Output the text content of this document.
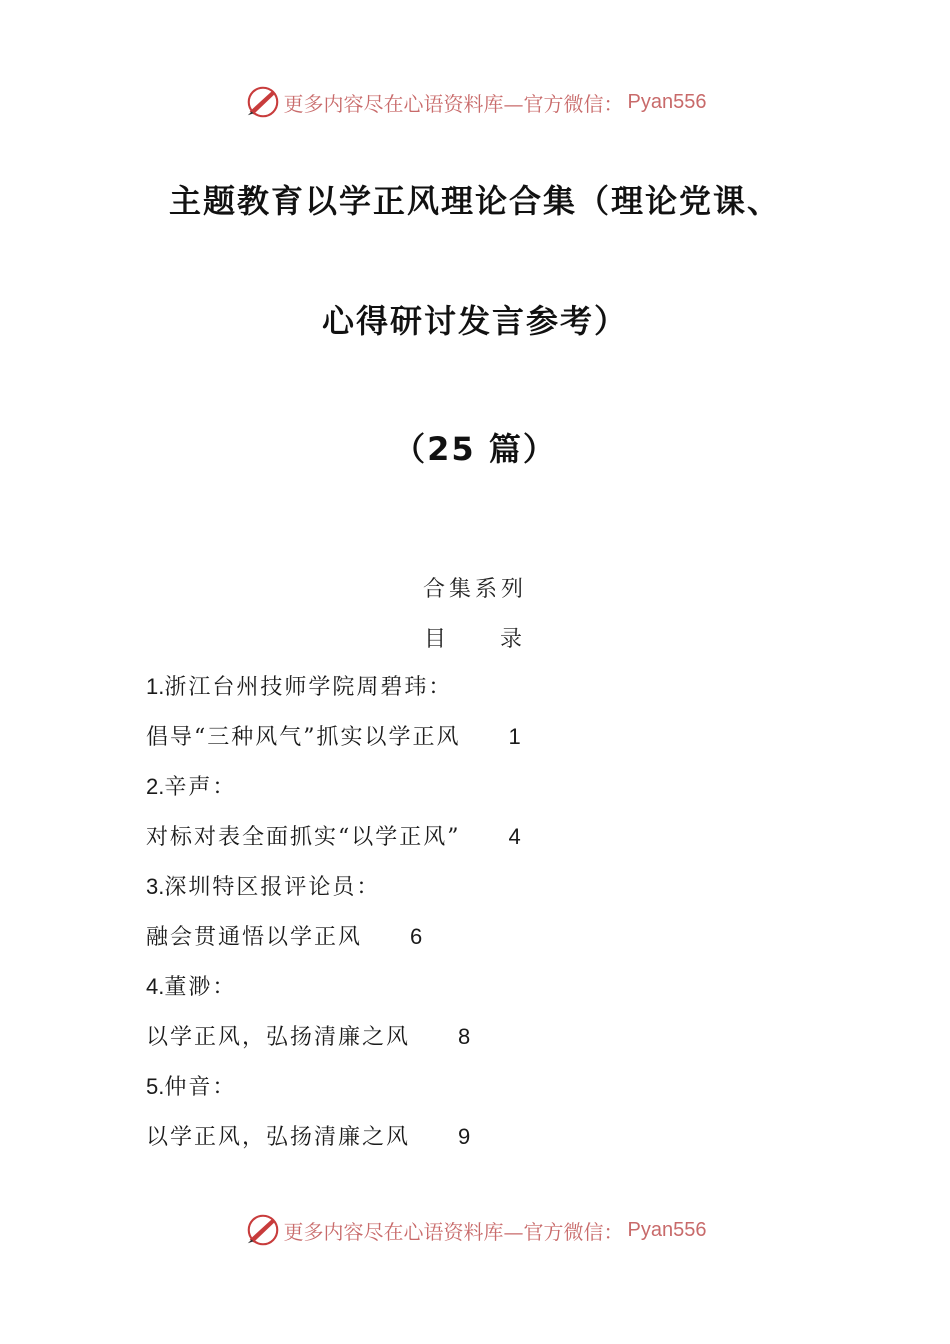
更多内容尽在心语资料库—官方微信： Pyan556
主题教育以学正风理论合集（理论党课、
心得研讨发言参考）
（25 篇）
合集系列
目 录
1.浙江台州技师学院周碧玮：
倡导“三种风气”抓实以学正风 1
2.辛声：
对标对表全面抓实“以学正风” 4
3.深圳特区报评论员：
融会贯通悟以学正风 6
4.董渺：
以学正风，弘扬清廉之风 8
5.仲音：
以学正风，弘扬清廉之风 9
更多内容尽在心语资料库—官方微信： Pyan556
